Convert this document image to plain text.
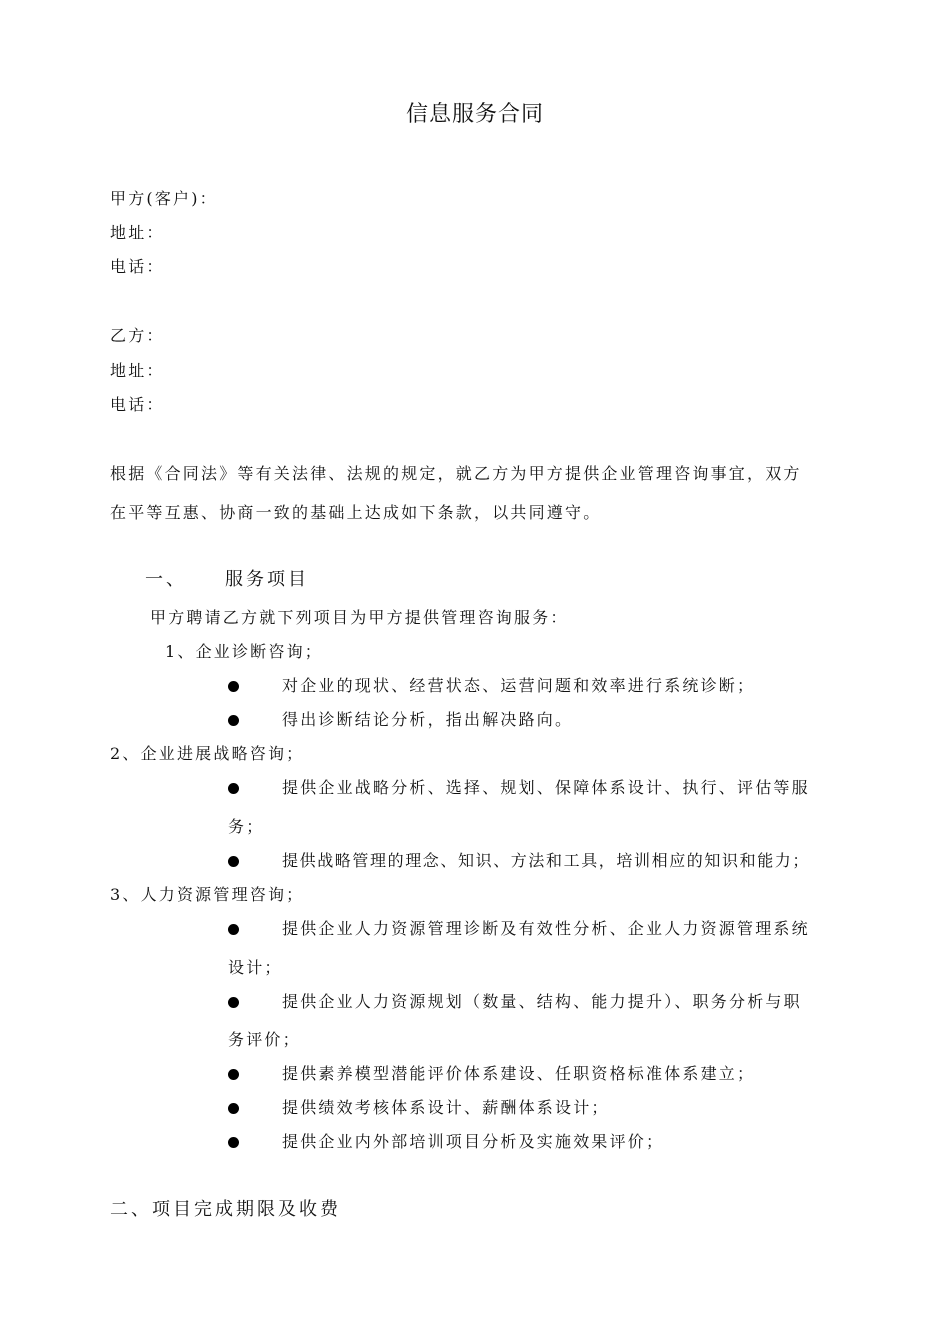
信息服务合同
甲方(客户)：
地址：
电话：
乙方：
地址：
电话：
根据《合同法》等有关法律、法规的规定，就乙方为甲方提供企业管理咨询事宜，双方
在平等互惠、协商一致的基础上达成如下条款，以共同遵守。
一、 服务项目
甲方聘请乙方就下列项目为甲方提供管理咨询服务：
1、企业诊断咨询；
对企业的现状、经营状态、运营问题和效率进行系统诊断；
得出诊断结论分析，指出解决路向。
2、企业进展战略咨询；
提供企业战略分析、选择、规划、保障体系设计、执行、评估等服
务；
提供战略管理的理念、知识、方法和工具，培训相应的知识和能力；
3、人力资源管理咨询；
提供企业人力资源管理诊断及有效性分析、企业人力资源管理系统
设计；
提供企业人力资源规划（数量、结构、能力提升）、职务分析与职
务评价；
提供素养模型潜能评价体系建设、任职资格标准体系建立；
提供绩效考核体系设计、薪酬体系设计；
提供企业内外部培训项目分析及实施效果评价；
二、项目完成期限及收费
